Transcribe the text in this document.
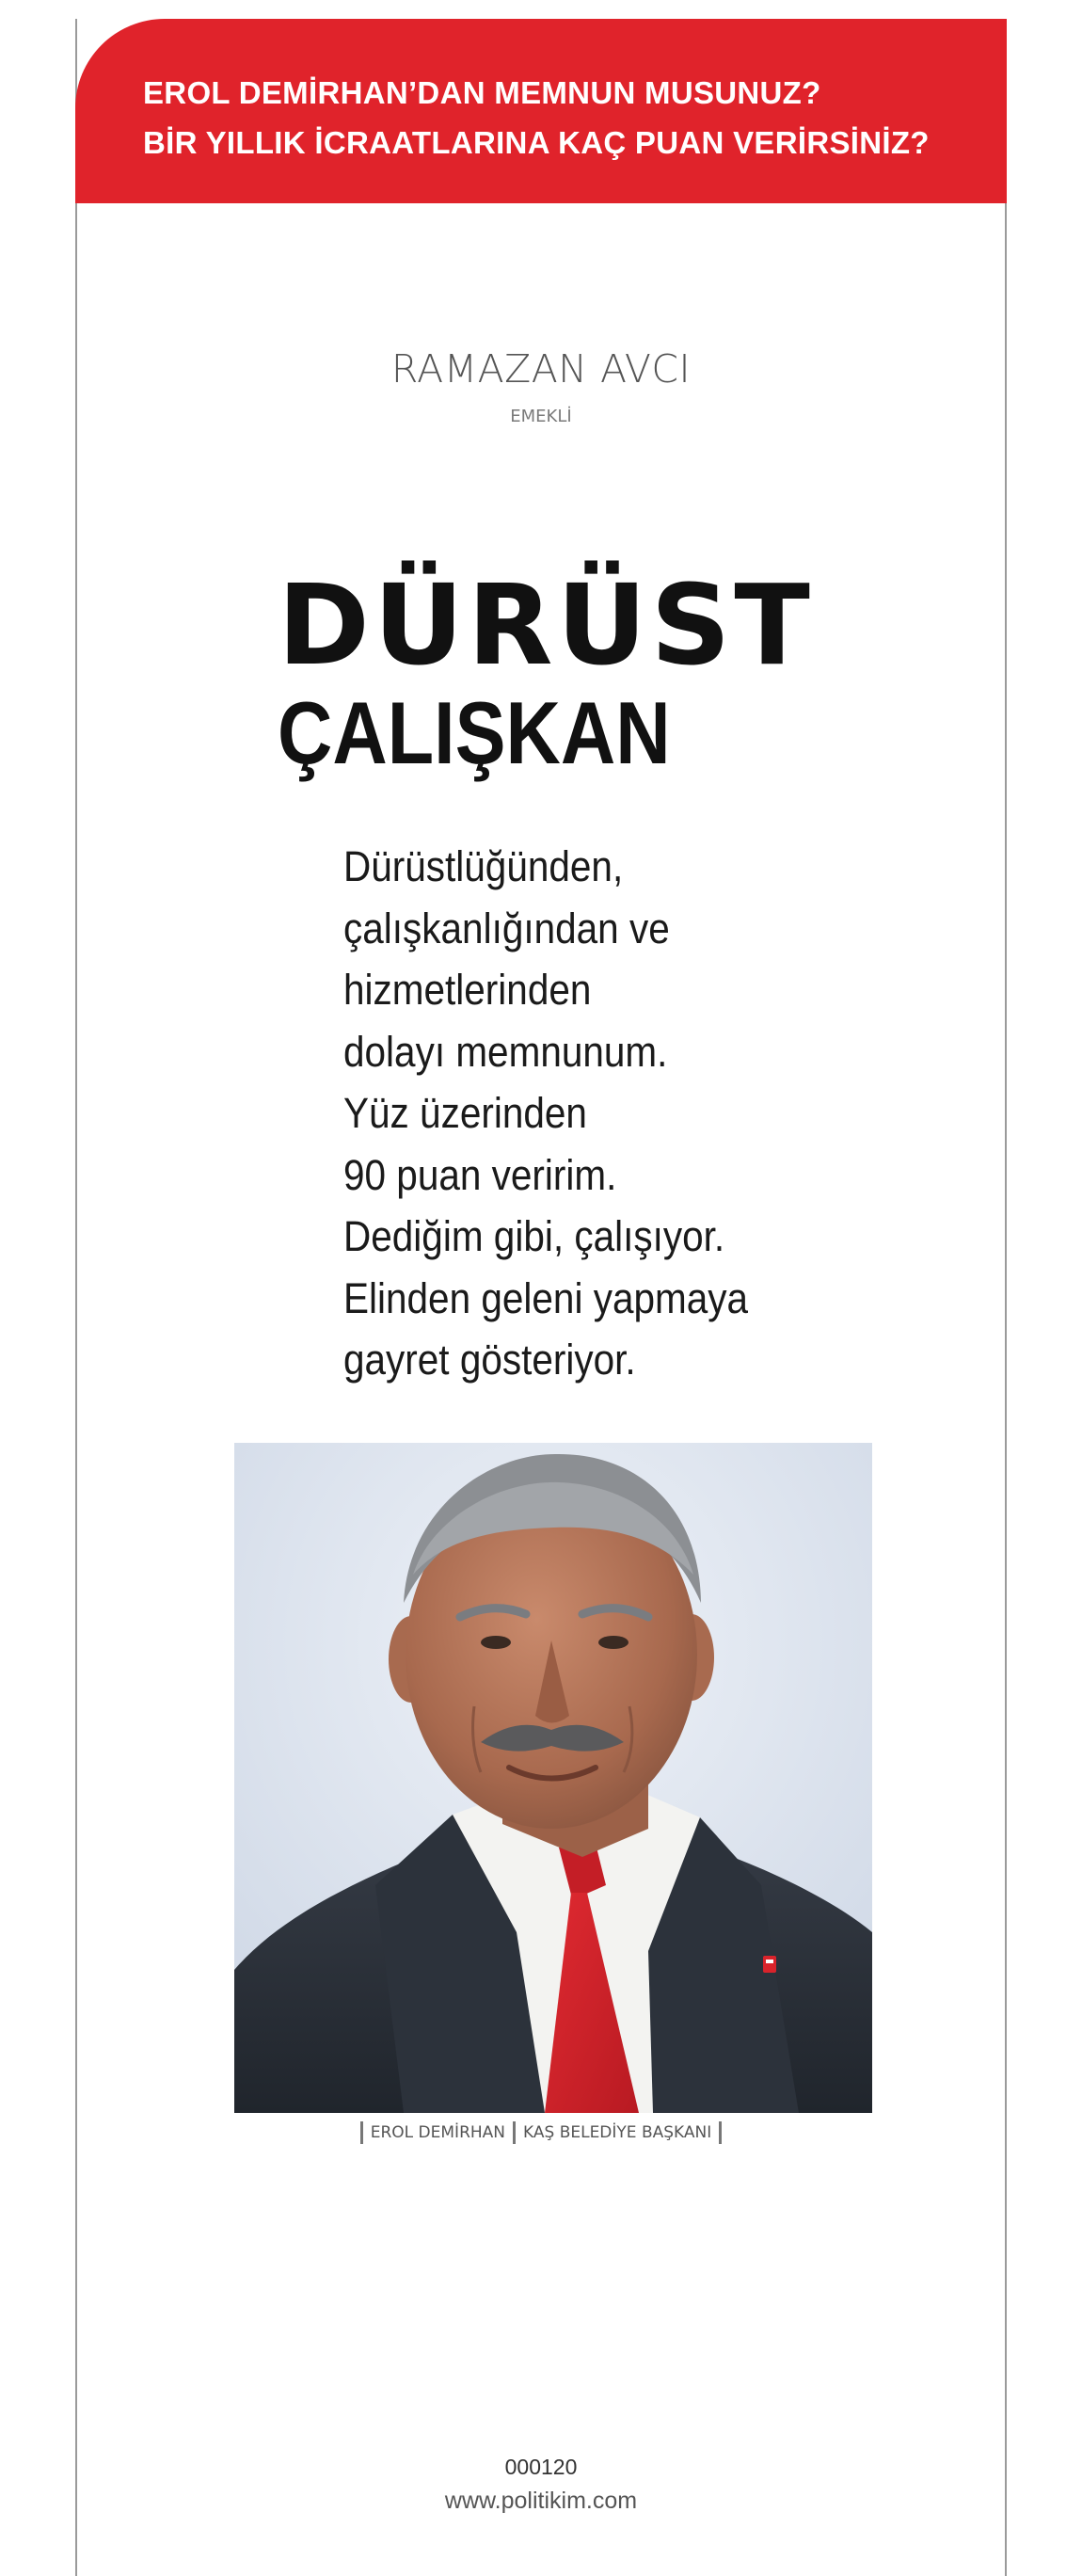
EROL DEMİRHAN’DAN MEMNUN MUSUNUZ?
BİR YILLIK İCRAATLARINA KAÇ PUAN VERİRSİNİZ?
RAMAZAN AVCI
EMEKLİ
DÜRÜST
ÇALIŞKAN
Dürüstlüğünden,
çalışkanlığından ve
hizmetlerinden
dolayı memnunum.
Yüz üzerinden
90 puan veririm.
Dediğim gibi, çalışıyor.
Elinden geleni yapmaya
gayret gösteriyor.
EROL DEMİRHAN KAŞ BELEDİYE BAŞKANI
000120
www.politikim.com
